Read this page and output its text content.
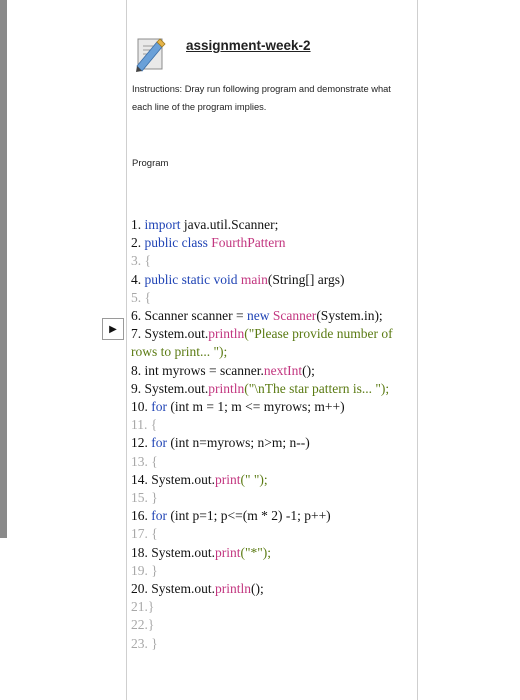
assignment-week-2
Instructions: Dray run following program and demonstrate what each line of the program implies.
Program
1. import java.util.Scanner;
2. public class FourthPattern
3. {
4. public static void main(String[] args)
5. {
6. Scanner scanner = new Scanner(System.in);
7. System.out.println("Please provide number of rows to print... ");
8. int myrows = scanner.nextInt();
9. System.out.println("\nThe star pattern is... ");
10. for (int m = 1; m <= myrows; m++)
11. {
12. for (int n=myrows; n>m; n--)
13. {
14. System.out.print(" ");
15. }
16. for (int p=1; p<=(m * 2) -1; p++)
17. {
18. System.out.print("*");
19. }
20. System.out.println();
21.}
22.}
23. }
▶
